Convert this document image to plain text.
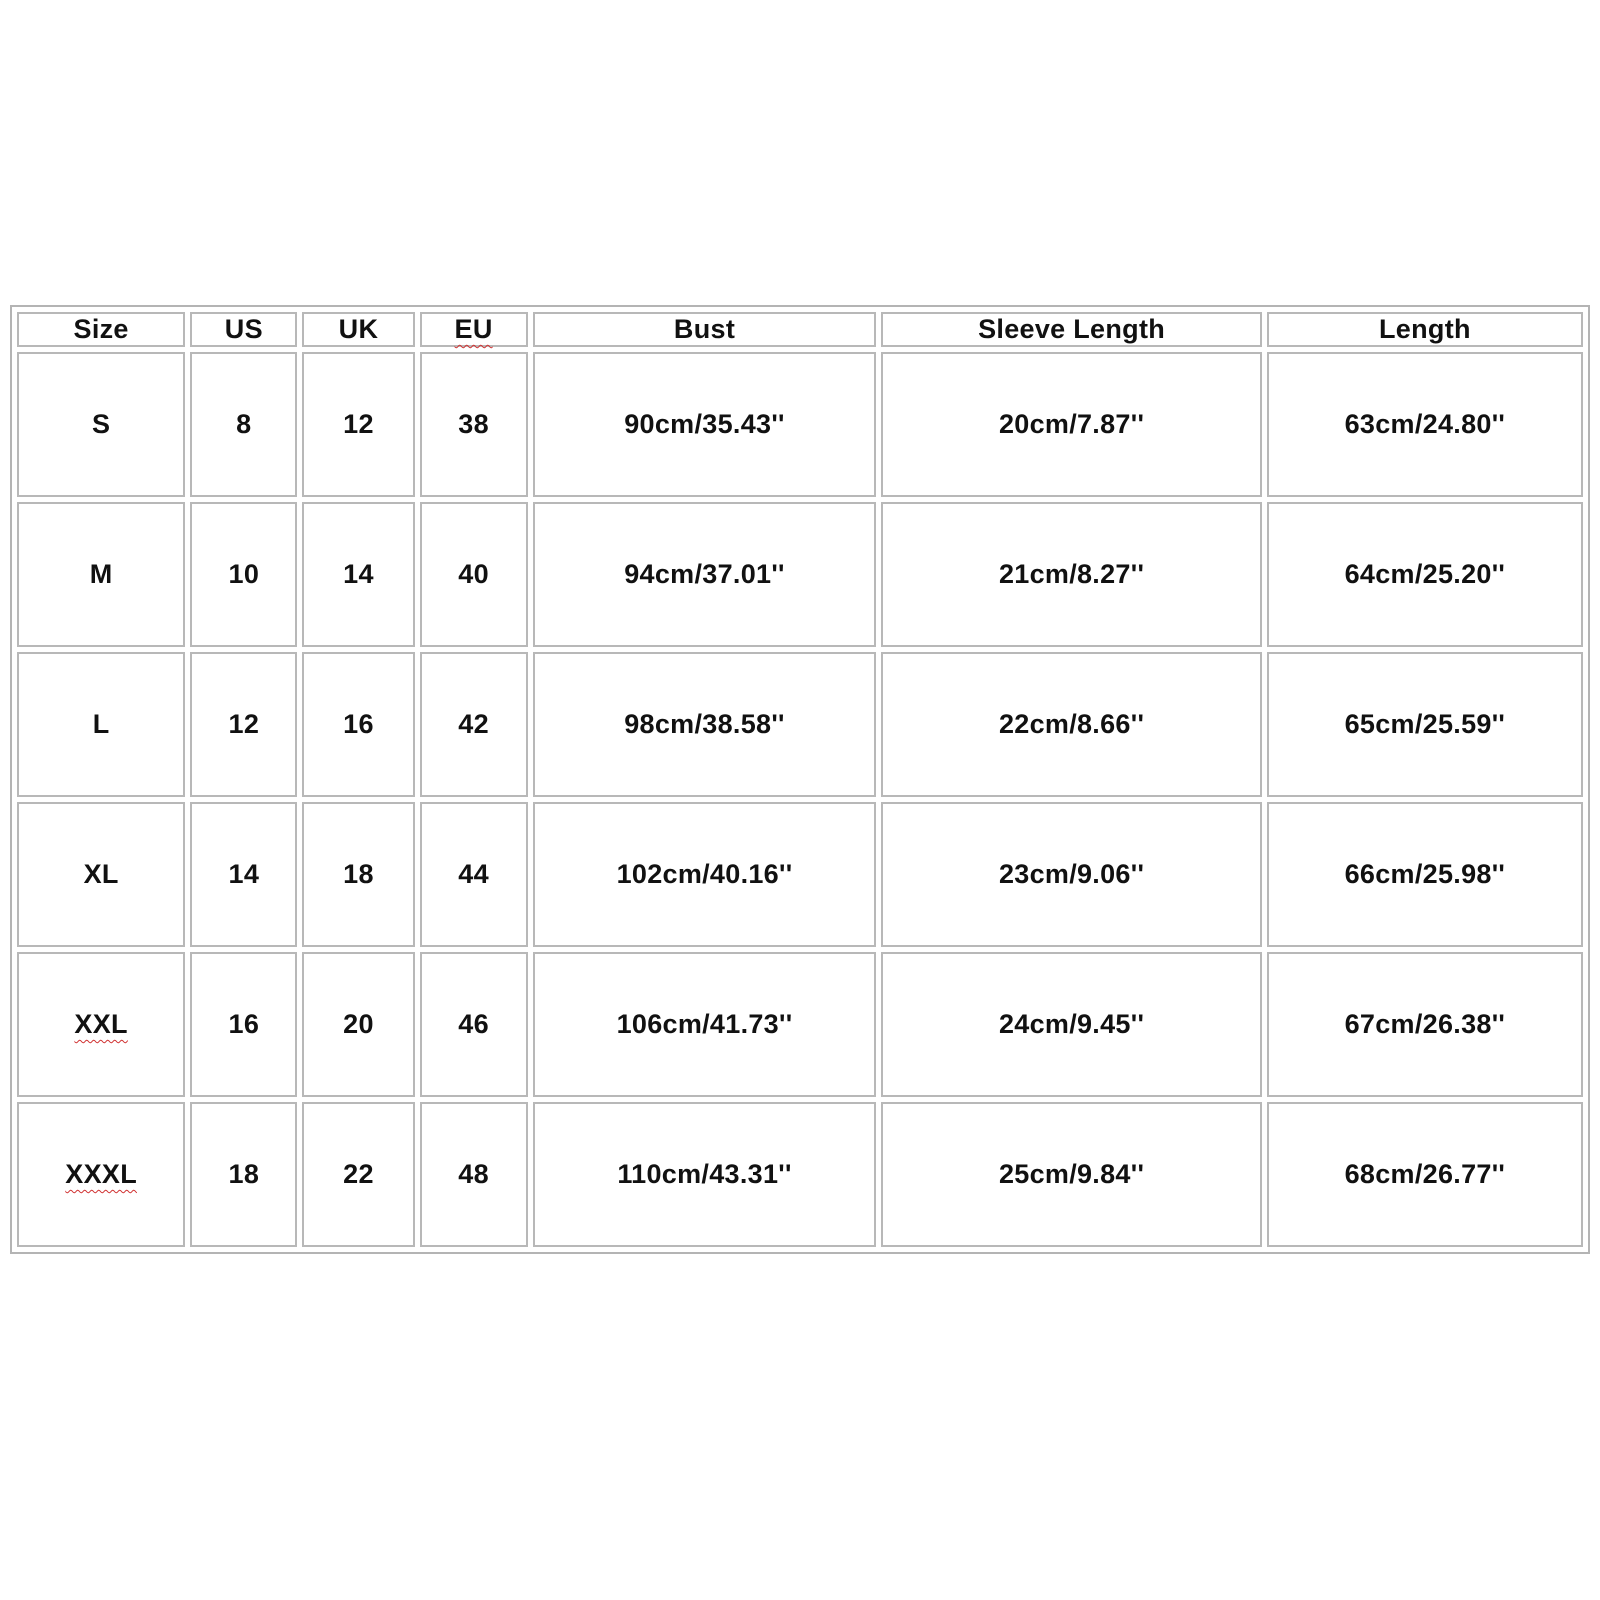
Size	US	UK	EU	Bust	Sleeve Length	Length
S	8	12	38	90cm/35.43''	20cm/7.87''	63cm/24.80''
M	10	14	40	94cm/37.01''	21cm/8.27''	64cm/25.20''
L	12	16	42	98cm/38.58''	22cm/8.66''	65cm/25.59''
XL	14	18	44	102cm/40.16''	23cm/9.06''	66cm/25.98''
XXL	16	20	46	106cm/41.73''	24cm/9.45''	67cm/26.38''
XXXL	18	22	48	110cm/43.31''	25cm/9.84''	68cm/26.77''
